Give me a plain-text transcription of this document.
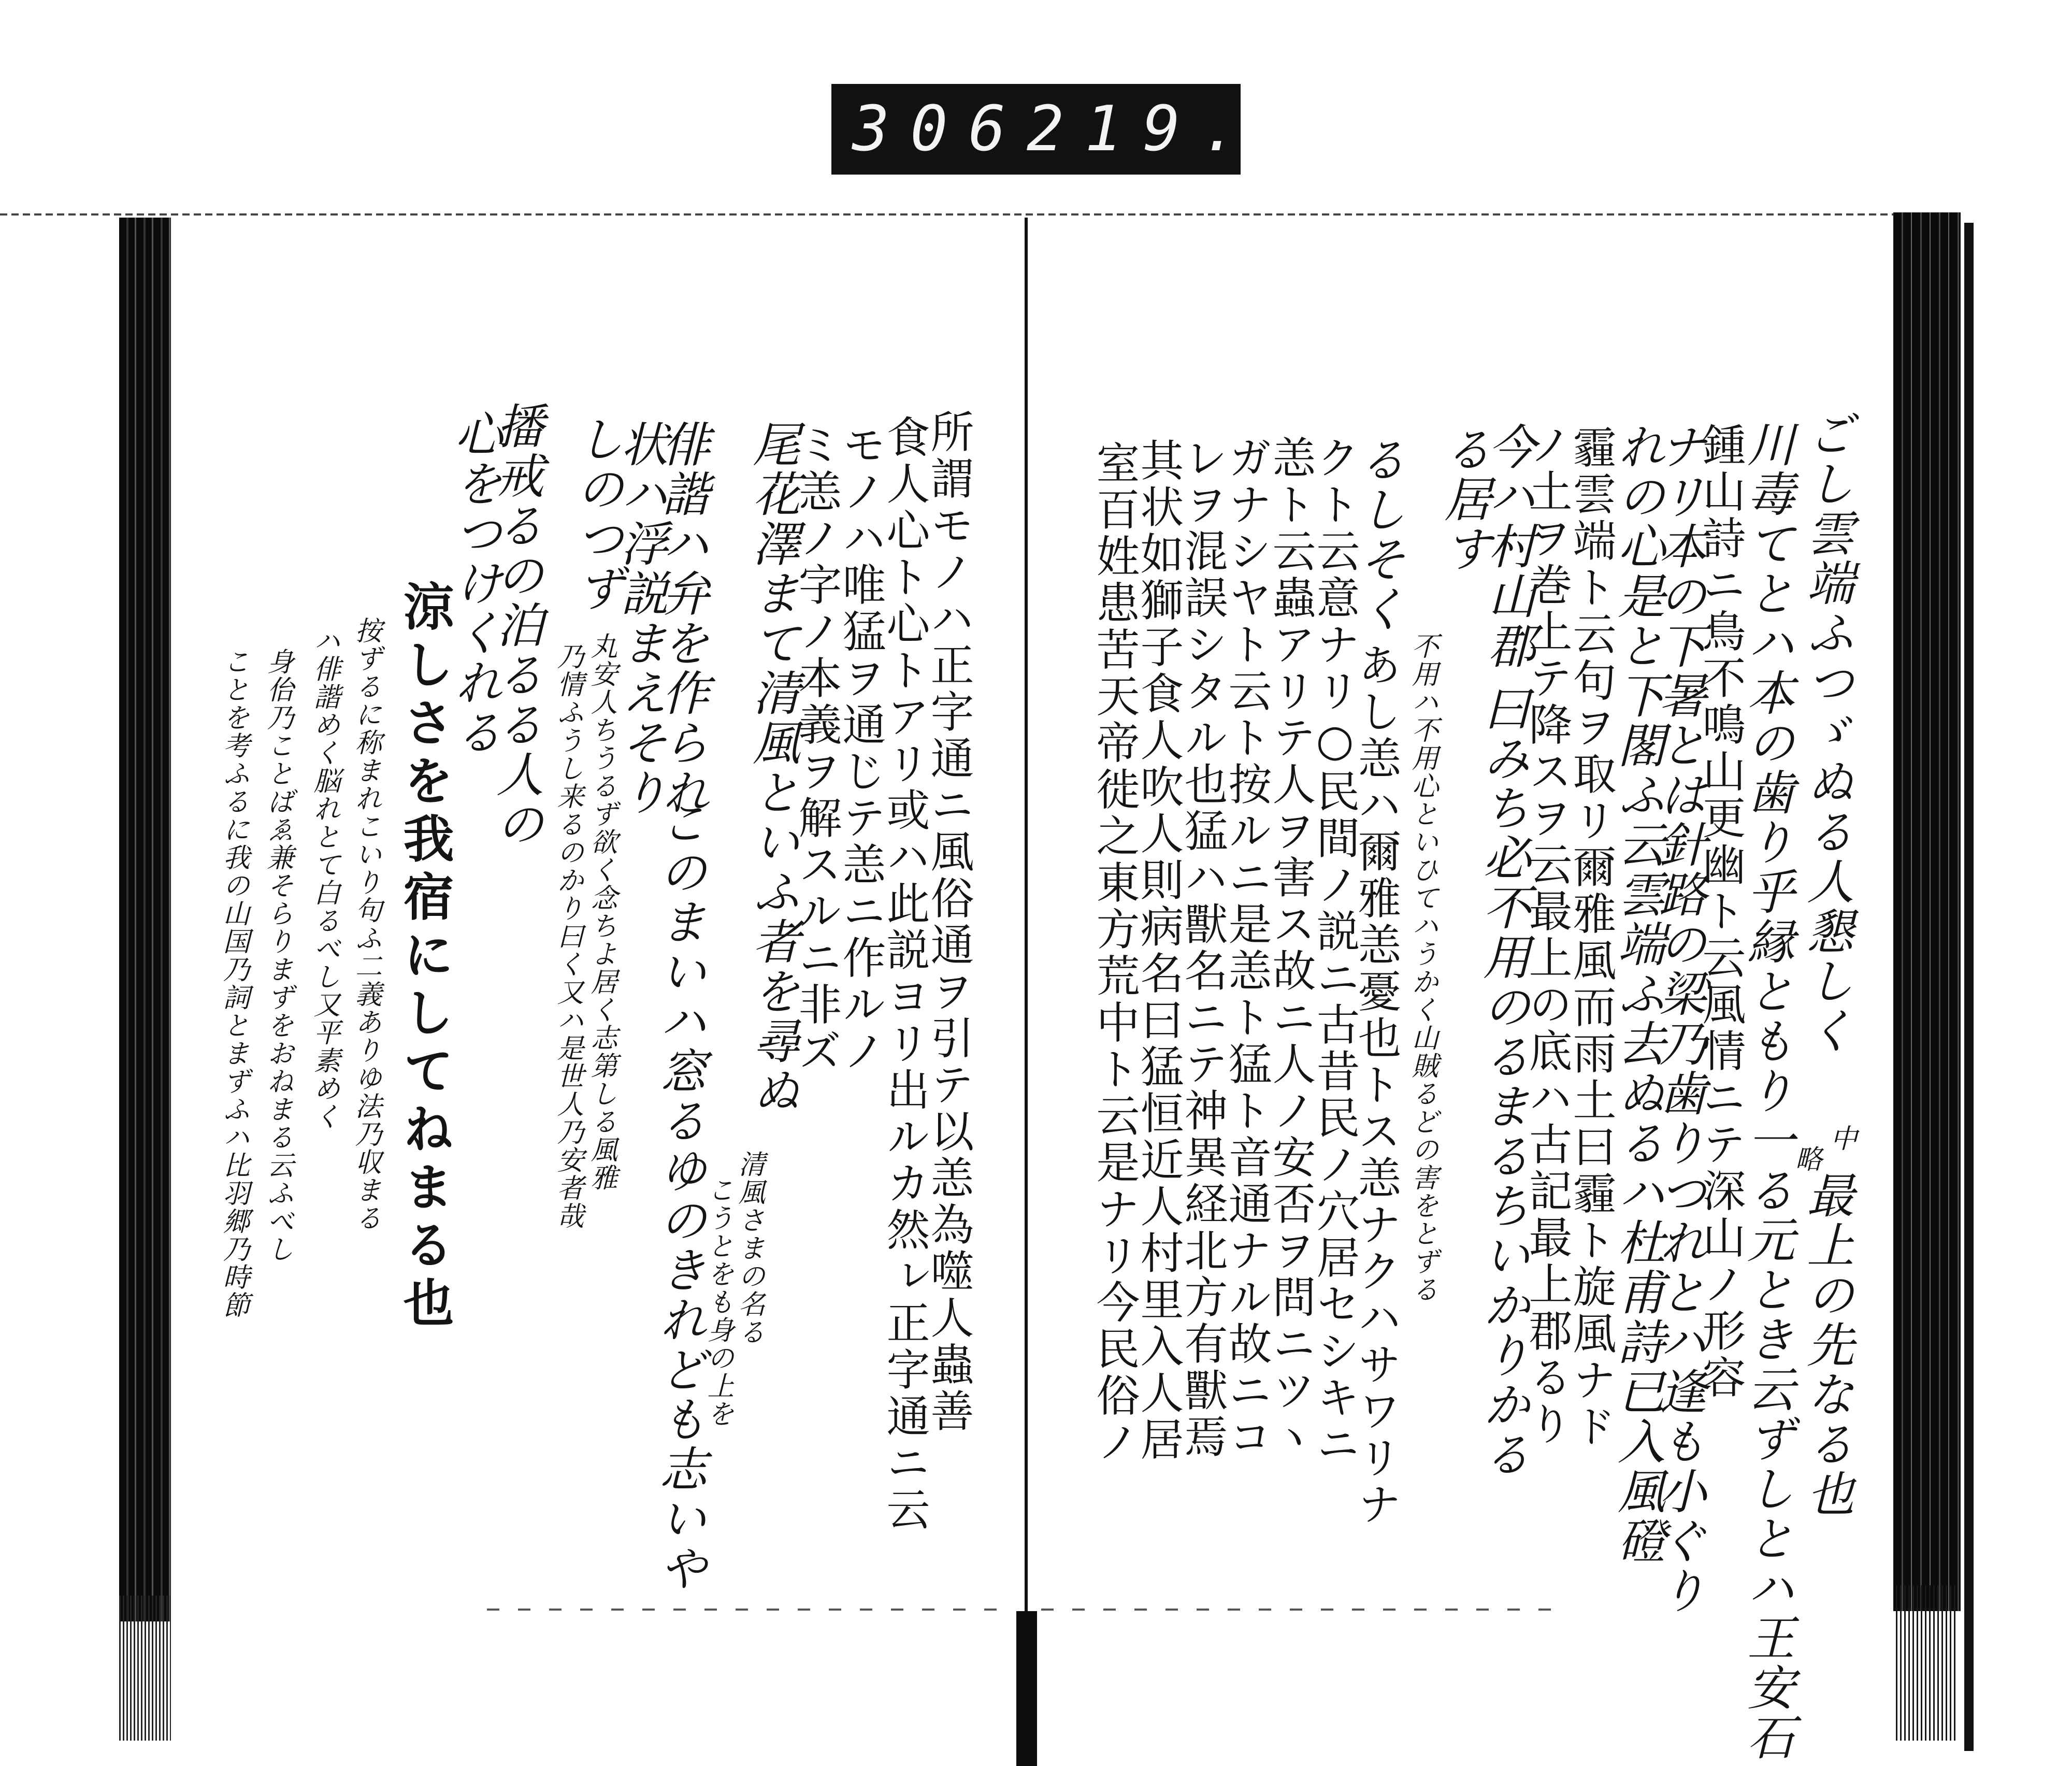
306 219.
ごし雲端ふつゞぬる人懇しく
中
略
最上の先なる也
川毒てとハ本の歯り乎縁ともり一る元とき云ずしとハ王安石
鍾山詩ニ鳥不鳴山更幽ト云風情ニテ深山ノ形容
ナリ本の下暑とは針路の梁乃歯りつれとハ逢も小ぐり
れの心是と下閣ふ云雲端ふ去ぬるハ杜甫詩已入風磴
霾雲端ト云句ヲ取リ爾雅風而雨土曰霾ト旋風ナド
ノ土ヲ巻上テ降スヲ云最上の底ハ古記最上郡るり
今ハ村山郡
曰みち必不用のるまるちいかりかる
る居す
不用ハ不用心といひてハうかく山賊るどの害をとずる
るしそく
あし恙ハ爾雅恙憂也トス恙ナクハサワリナ
クト云意ナリ○民間ノ説ニ古昔民ノ穴居セシキニ
恙ト云蟲アリテ人ヲ害ス故ニ人ノ安否ヲ問ニツヽ
ガナシヤト云ト按ルニ是恙ト猛ト音通ナル故ニコ
レヲ混誤シタル也猛ハ獸名ニテ神異経北方有獸焉
其状如獅子食人吹人則病名曰猛恒近人村里入人居
室百姓患苦天帝徙之東方荒中ト云是ナリ今民俗ノ
所謂モノハ正字通ニ風俗通ヲ引テ以恙為噬人蟲善
食人心ト心トアリ或ハ此説ヨリ出ルカ然ㇾ正字通ニ云
モノハ唯猛ヲ通じテ恙ニ作ルノ
ミ恙ノ字ノ本義ヲ解スルニ非ズ
尾花澤まて清風といふ者を尋ぬ
清風さまの名る
こうとをも身の上を
俳諧ハ弁を作られ
このまいハ窓るゆのきれども志いや
状ハ浮説まえそり
しのつず
丸安人ちうるず欲く念ちよ居く志第しる風雅
乃情ふうし来るのかり曰く又ハ是世人乃安者哉
播戒るの泊るる人の
心をつけくれる
涼しさを我宿にしてねまる也
按ずるに称まれこいり句ふ二義ありゆ法乃収まる
ハ俳諧めく脳れとて白るべし又平素めく
身佁乃ことばゑ兼そらりまずをおねまる云ふべし
ことを考ふるに我の山国乃詞とまずふハ比羽郷乃時節
